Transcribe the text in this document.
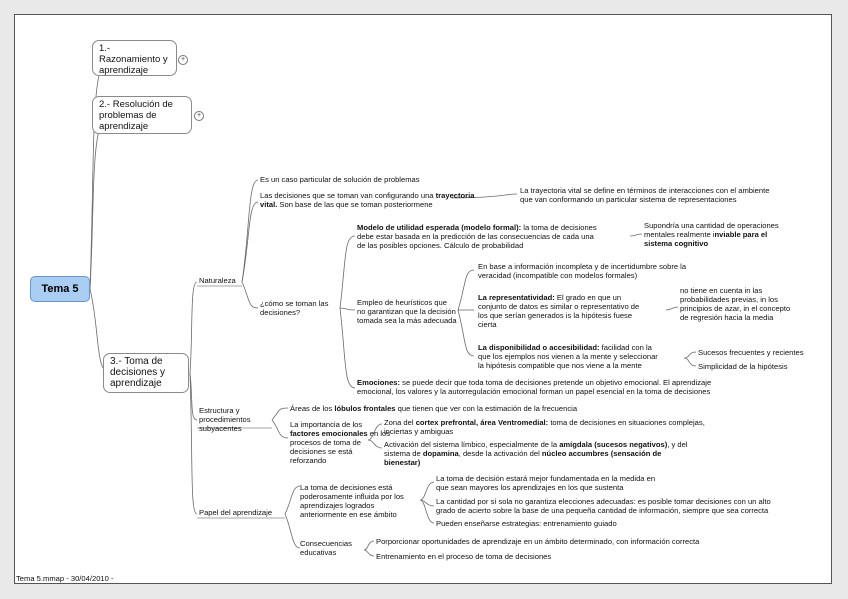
Tema 5
1.- Razonamiento y aprendizaje
+
2.- Resolución de problemas de aprendizaje
+
3.- Toma de decisiones y aprendizaje
Naturaleza
Es un caso particular de solución de problemas
Las decisiones que se toman van configurando una trayectoria
vital. Son base de las que se toman posteriormene
La trayectoria vital se define en términos de interacciones con el ambiente
que van conformando un particular sistema de representaciones
¿cómo se toman las decisiones?
Modelo de utilidad esperada (modelo formal): la toma de decisiones
debe estar basada en la predicción de las consecuencias de cada una
de las posibles opciones. Cálculo de probabilidad
Supondría una cantidad de operaciones
mentales realmente inviable para el
sistema cognitivo
Empleo de heurísticos que no garantizan que la decisión tomada sea la más adecuada
En base a información incompleta y de incertidumbre sobre la
veracidad (incompatible con modelos formales)
La representatividad: El grado en que un
conjunto de datos es similar o representativo de
los que serían generados is la hipótesis fuese
cierta
no tiene en cuenta in las probabilidades previas, in los principios de azar, in el concepto de regresión hacia la media
La disponibilidad o accesibilidad: facilidad con la
que los ejemplos nos vienen a la mente y seleccionar
la hipótesis compatible que nos viene a la mente
Sucesos frecuentes y recientes
Simplicidad de la hipótesis
Emociones: se puede decir que toda toma de decisiones pretende un objetivo emocional. El aprendizaje
emocional, los valores y la autorregulación emocional forman un papel esencial en la toma de decisiones
Estructura y procedimientos subyacentes
Áreas de los lóbulos frontales que tienen que ver con la estimación de la frecuencia
La importancia de los
factores emocionales en los
procesos de toma de
decisiones se está
reforzando
Zona del cortex prefrontal, área Ventromedial: toma de decisiones en situaciones complejas,
inciertas y ambiguas
Activación del sistema límbico, especialmente de la amígdala (sucesos negativos), y del
sistema de dopamina, desde la activación del núcleo accumbres (sensación de
bienestar)
Papel del aprendizaje
La toma de decisiones está poderosamente influida por los aprendizajes logrados anteriormente en ese ámbito
La toma de decisión estará mejor fundamentada en la medida en
que sean mayores los aprendizajes en los que sustenta
La cantidad por sí sola no garantiza elecciones adecuadas: es posible tomar decisiones con un alto
grado de acierto sobre la base de una pequeña cantidad de información, siempre que sea correcta
Pueden enseñarse estrategias: entrenamiento guiado
Consecuencias educativas
Porporcionar oportunidades de aprendizaje en un ámbito determinado, con información correcta
Entrenamiento en el proceso de toma de decisiones
Tema 5.mmap - 30/04/2010 -
